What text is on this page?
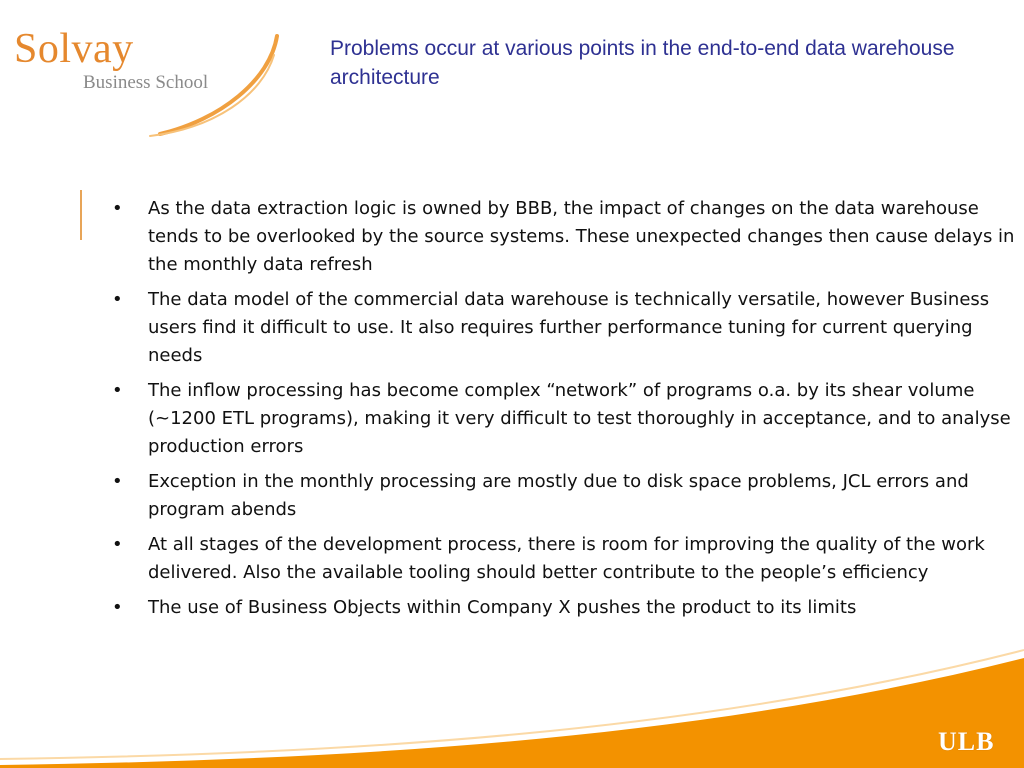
Solvay
Business School
Problems occur at various points in the end-to-end data warehouse architecture
• As the data extraction logic is owned by BBB, the impact of changes on the data warehouse tends to be overlooked by the source systems. These unexpected changes then cause delays in the monthly data refresh
• The data model of the commercial data warehouse is technically versatile, however Business users find it difficult to use. It also requires further performance tuning for current querying needs
• The inflow processing has become complex “network” of programs o.a. by its shear volume (~1200 ETL programs), making it very difficult to test thoroughly in acceptance, and to analyse production errors
• Exception in the monthly processing are mostly due to disk space problems, JCL errors and program abends
• At all stages of the development process, there is room for improving the quality of the work delivered. Also the available tooling should better contribute to the people’s efficiency
• The use of Business Objects within Company X pushes the product to its limits
ULB
